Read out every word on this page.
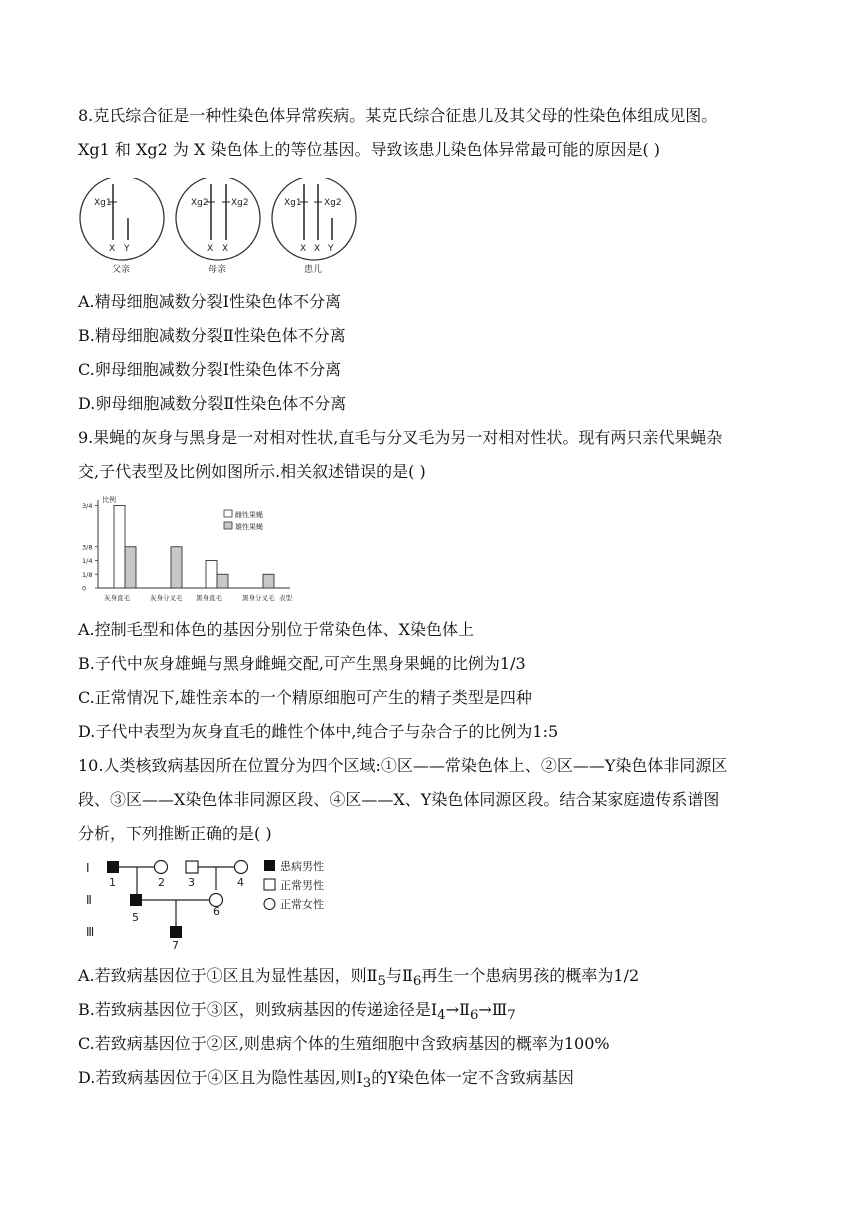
8.克氏综合征是一种性染色体异常疾病。某克氏综合征患儿及其父母的性染色体组成见图。
Xg1 和 Xg2 为 X 染色体上的等位基因。导致该患儿染色体异常最可能的原因是( )
Xg1
X Y
父亲
Xg2 Xg2
X X
母亲
Xg1 Xg2
X X Y
患儿
A.精母细胞减数分裂Ⅰ性染色体不分离
B.精母细胞减数分裂Ⅱ性染色体不分离
C.卵母细胞减数分裂Ⅰ性染色体不分离
D.卵母细胞减数分裂Ⅱ性染色体不分离
9.果蝇的灰身与黑身是一对相对性状,直毛与分叉毛为另一对相对性状。现有两只亲代果蝇杂
交,子代表型及比例如图所示.相关叙述错误的是( )
比例
表型
0
1/8
1/4
3/8
3/4
灰身直毛	灰身分叉毛 黑身直毛	黑身分叉毛
雌性果蝇
雄性果蝇
A.控制毛型和体色的基因分别位于常染色体、X染色体上
B.子代中灰身雄蝇与黑身雌蝇交配,可产生黑身果蝇的比例为1/3
C.正常情况下,雄性亲本的一个精原细胞可产生的精子类型是四种
D.子代中表型为灰身直毛的雌性个体中,纯合子与杂合子的比例为1:5
10.人类核致病基因所在位置分为四个区域:①区——常染色体上、②区——Y染色体非同源区
段、③区——X染色体非同源区段、④区——X、Y染色体同源区段。结合某家庭遗传系谱图
分析，下列推断正确的是( )
Ⅰ
Ⅱ
Ⅲ
1	2 3	4
5	6
7
患病男性
正常男性
正常女性
A.若致病基因位于①区且为显性基因，则$Ⅱ_5$与$Ⅱ_6$再生一个患病男孩的概率为1/2
B.若致病基因位于③区，则致病基因的传递途径是$I_4\to Ⅱ_6\to Ⅲ_7$
C.若致病基因位于②区,则患病个体的生殖细胞中含致病基因的概率为100%
D.若致病基因位于④区且为隐性基因,则$I_3$的Y染色体一定不含致病基因
